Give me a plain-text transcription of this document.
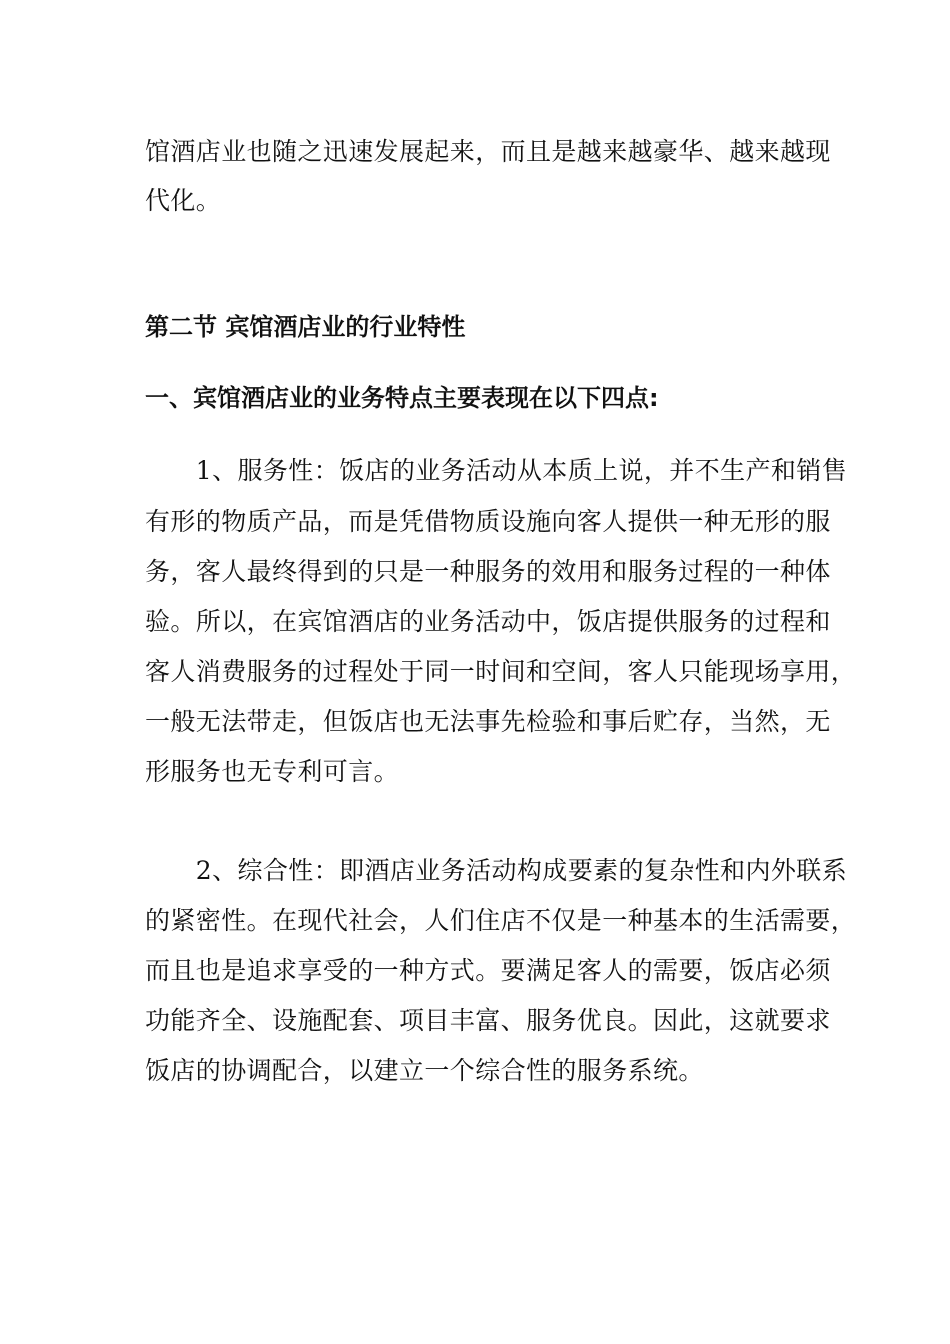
馆酒店业也随之迅速发展起来，而且是越来越豪华、越来越现
代化。
第二节 宾馆酒店业的行业特性
一、宾馆酒店业的业务特点主要表现在以下四点:
　　1、服务性：饭店的业务活动从本质上说，并不生产和销售
有形的物质产品，而是凭借物质设施向客人提供一种无形的服
务，客人最终得到的只是一种服务的效用和服务过程的一种体
验。所以，在宾馆酒店的业务活动中，饭店提供服务的过程和
客人消费服务的过程处于同一时间和空间，客人只能现场享用，
一般无法带走，但饭店也无法事先检验和事后贮存，当然，无
形服务也无专利可言。
　　2、综合性：即酒店业务活动构成要素的复杂性和内外联系
的紧密性。在现代社会，人们住店不仅是一种基本的生活需要，
而且也是追求享受的一种方式。要满足客人的需要，饭店必须
功能齐全、设施配套、项目丰富、服务优良。因此，这就要求
饭店的协调配合，以建立一个综合性的服务系统。
